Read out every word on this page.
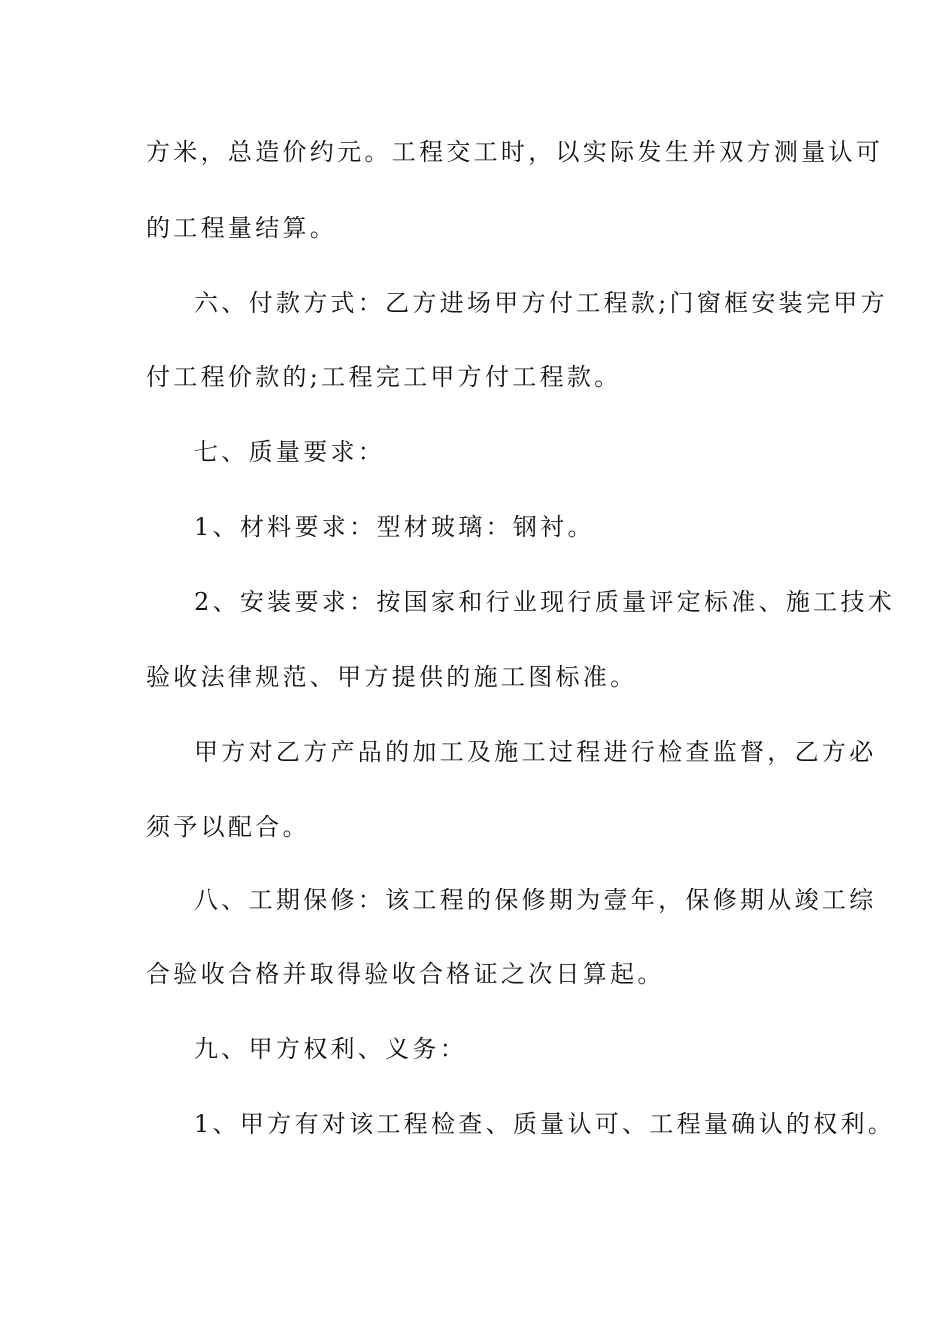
方米，总造价约元。工程交工时，以实际发生并双方测量认可
的工程量结算。
六、付款方式：乙方进场甲方付工程款;门窗框安装完甲方
付工程价款的;工程完工甲方付工程款。
七、质量要求：
1、材料要求：型材玻璃：钢衬。
2、安装要求：按国家和行业现行质量评定标准、施工技术
验收法律规范、甲方提供的施工图标准。
甲方对乙方产品的加工及施工过程进行检查监督，乙方必
须予以配合。
八、工期保修：该工程的保修期为壹年，保修期从竣工综
合验收合格并取得验收合格证之次日算起。
九、甲方权利、义务：
1、甲方有对该工程检查、质量认可、工程量确认的权利。
